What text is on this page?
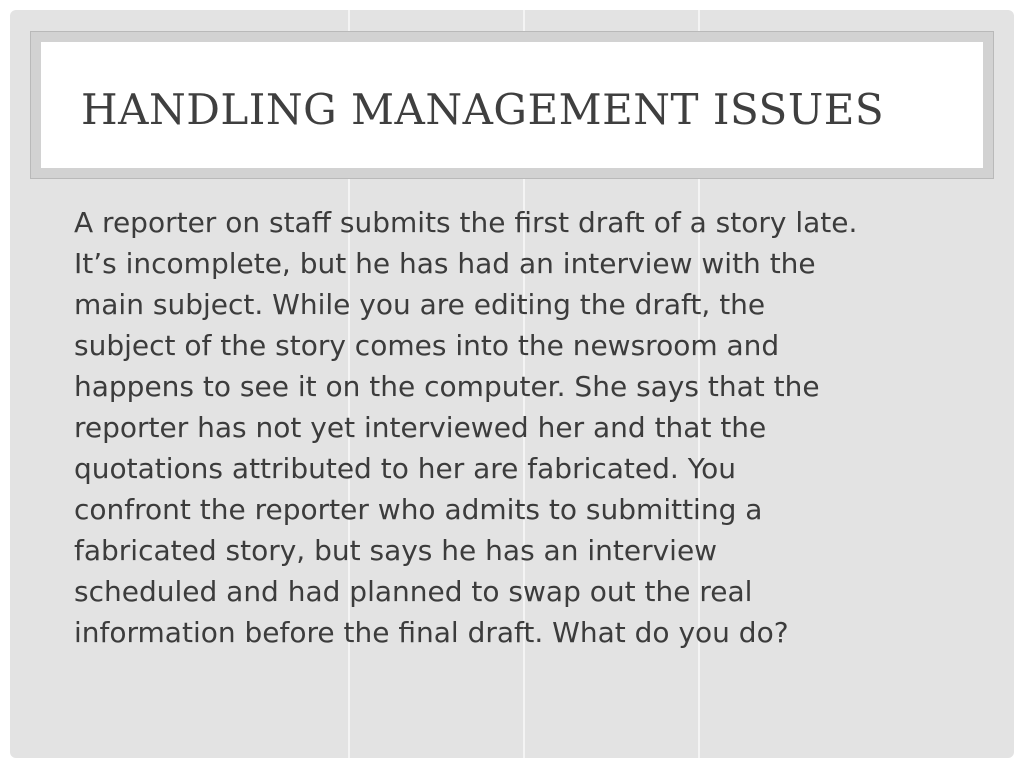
HANDLING MANAGEMENT ISSUES
A reporter on staff submits the first draft of a story late.
It’s incomplete, but he has had an interview with the
main subject. While you are editing the draft, the
subject of the story comes into the newsroom and
happens to see it on the computer. She says that the
reporter has not yet interviewed her and that the
quotations attributed to her are fabricated. You
confront the reporter who admits to submitting a
fabricated story, but says he has an interview
scheduled and had planned to swap out the real
information before the final draft. What do you do?
